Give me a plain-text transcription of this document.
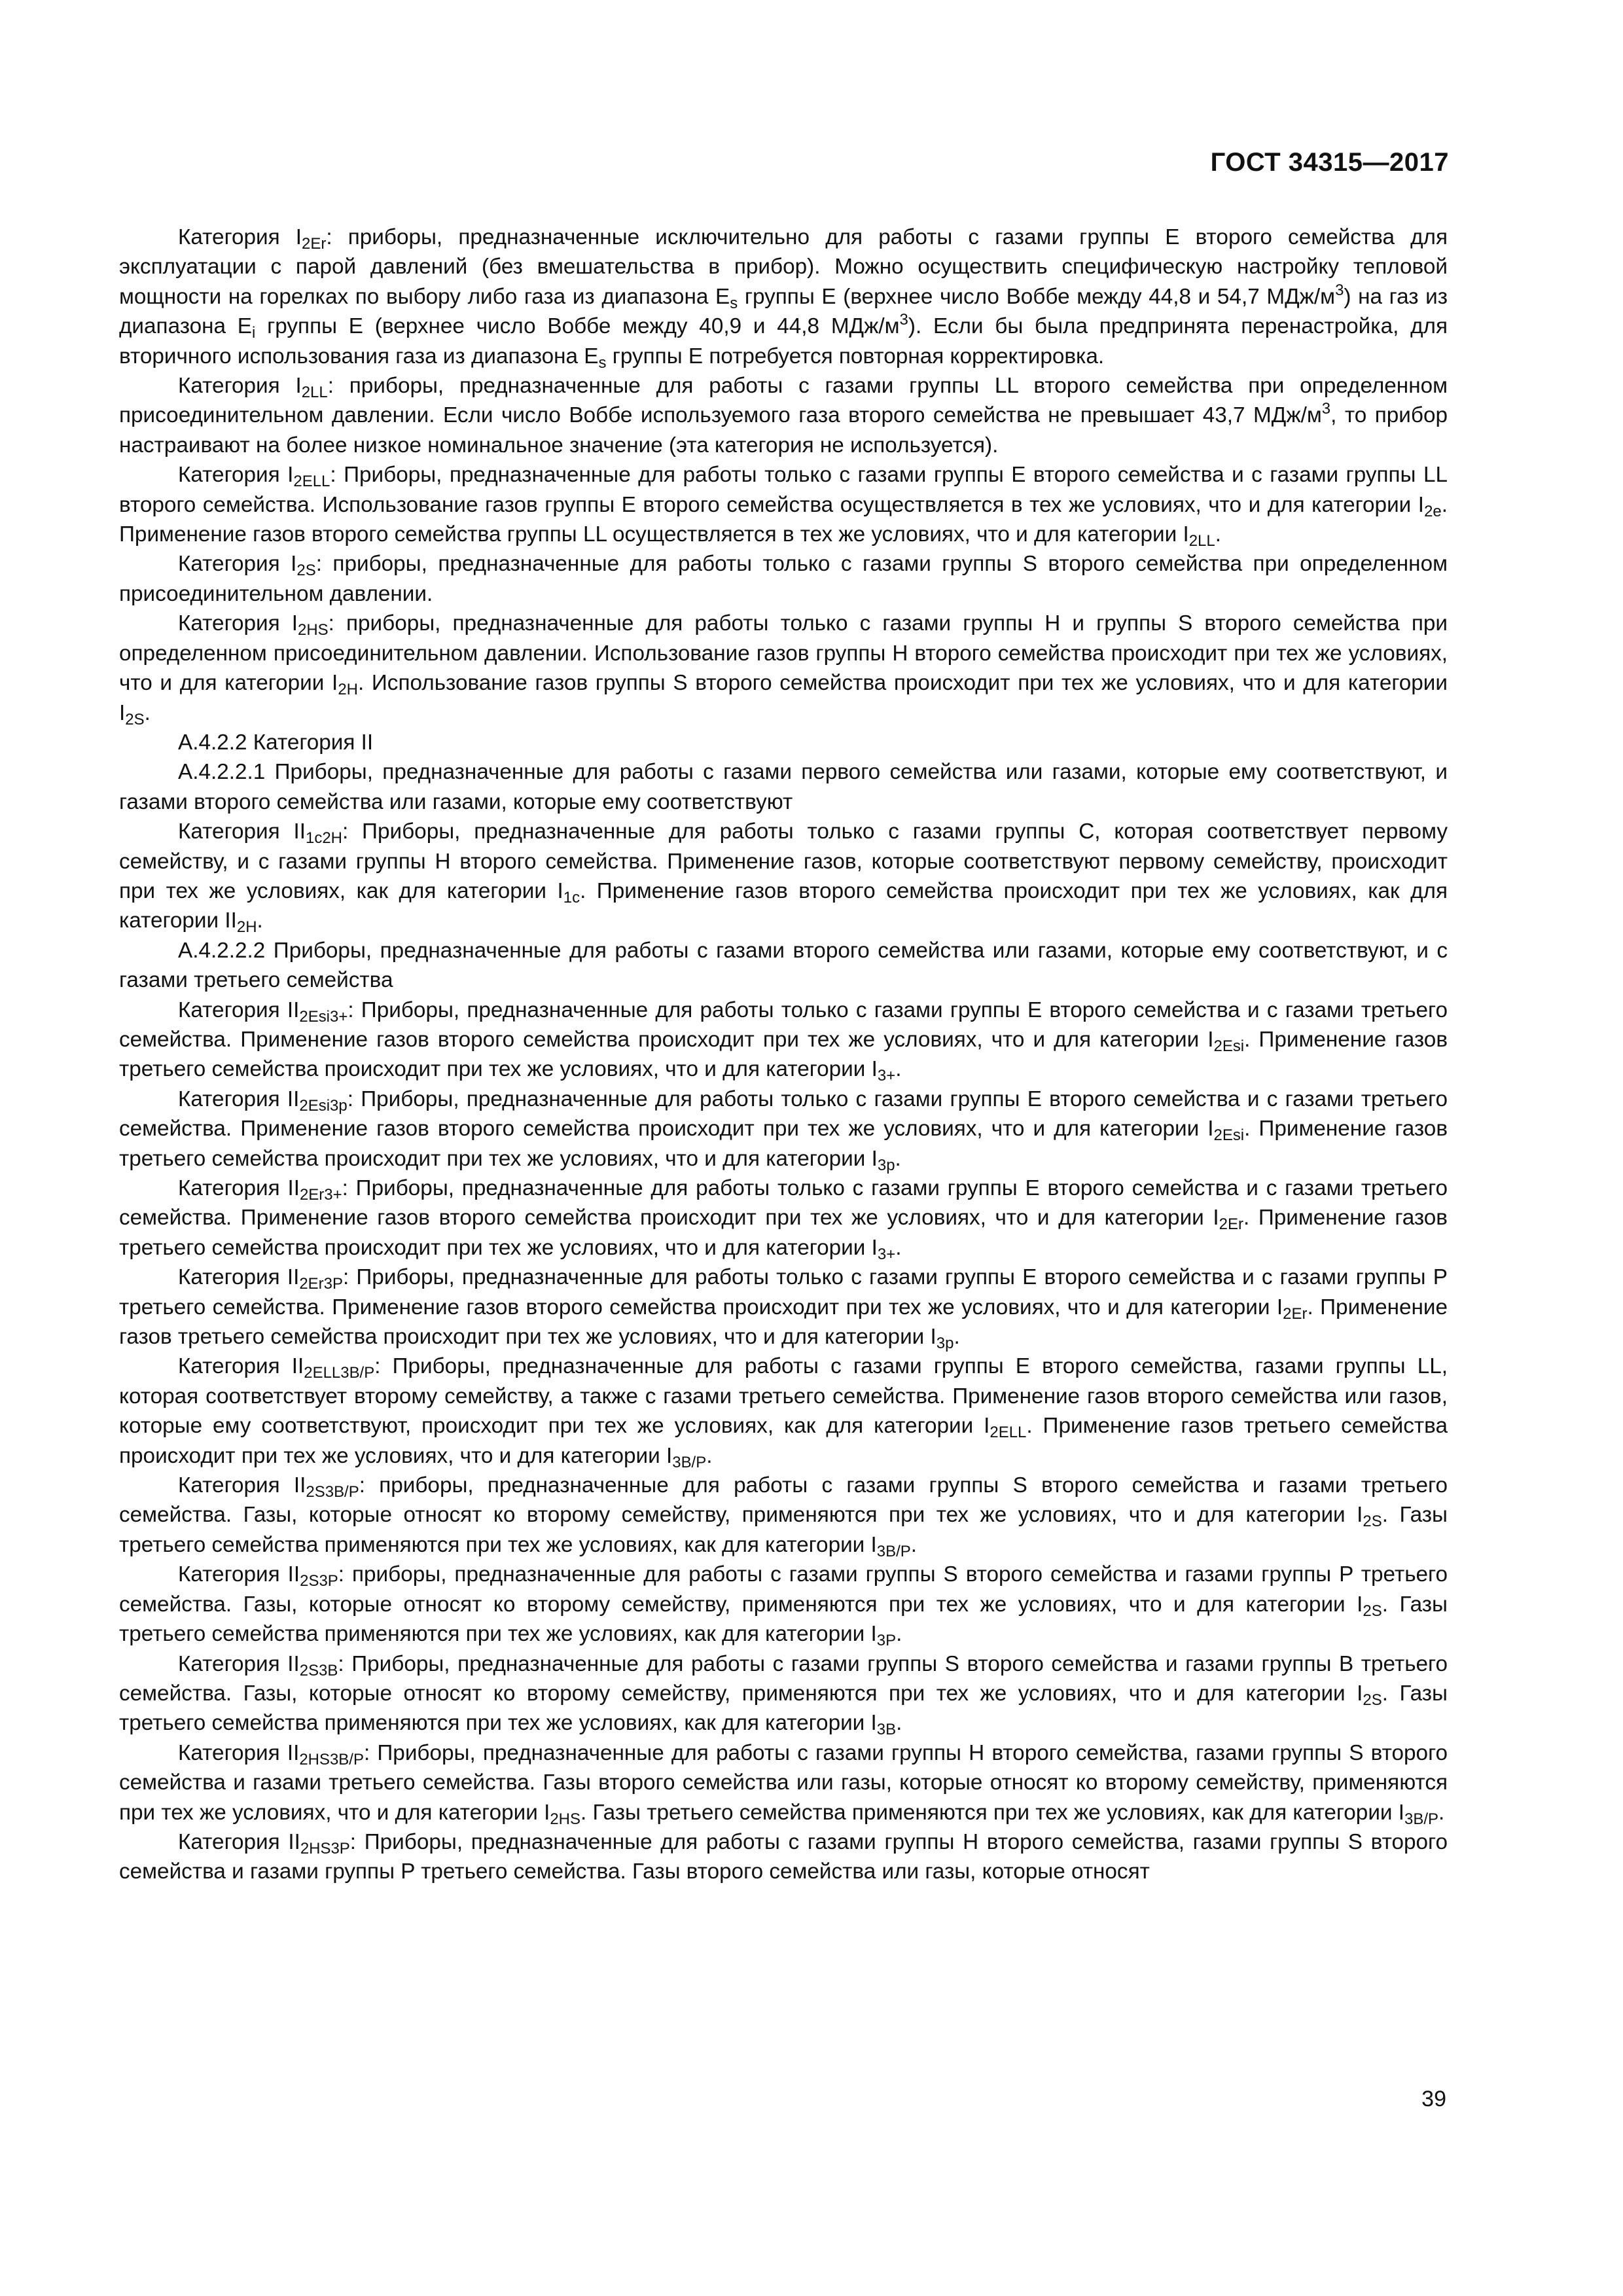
ГОСТ 34315—2017

Категория $I_{2Er}$: приборы, предназначенные исключительно для работы с газами группы E второго семейства для эксплуатации с парой давлений (без вмешательства в прибор). Можно осуществить специфическую настройку тепловой мощности на горелках по выбору либо газа из диапазона $E_s$ группы E (верхнее число Воббе между 44,8 и 54,7 МДж/$м^3$) на газ из диапазона $E_i$ группы E (верхнее число Воббе между 40,9 и 44,8 МДж/$м^3$). Если бы была предпринята перенастройка, для вторичного использования газа из диапазона $E_s$ группы E потребуется повторная корректировка.

Категория $I_{2LL}$: приборы, предназначенные для работы с газами группы LL второго семейства при определенном присоединительном давлении. Если число Воббе используемого газа второго семейства не превышает 43,7 МДж/$м^3$, то прибор настраивают на более низкое номинальное значение (эта категория не используется).

Категория $I_{2ELL}$: Приборы, предназначенные для работы только с газами группы E второго семейства и с газами группы LL второго семейства. Использование газов группы E второго семейства осуществляется в тех же условиях, что и для категории $I_{2e}$. Применение газов второго семейства группы LL осуществляется в тех же условиях, что и для категории $I_{2LL}$.

Категория $I_{2S}$: приборы, предназначенные для работы только с газами группы S второго семейства при определенном присоединительном давлении.

Категория $I_{2HS}$: приборы, предназначенные для работы только с газами группы H и группы S второго семейства при определенном присоединительном давлении. Использование газов группы H второго семейства происходит при тех же условиях, что и для категории $I_{2H}$. Использование газов группы S второго семейства происходит при тех же условиях, что и для категории $I_{2S}$.

А.4.2.2 Категория II

А.4.2.2.1 Приборы, предназначенные для работы с газами первого семейства или газами, которые ему соответствуют, и газами второго семейства или газами, которые ему соответствуют

Категория $II_{1c2H}$: Приборы, предназначенные для работы только с газами группы C, которая соответствует первому семейству, и с газами группы H второго семейства. Применение газов, которые соответствуют первому семейству, происходит при тех же условиях, как для категории $I_{1c}$. Применение газов второго семейства происходит при тех же условиях, как для категории $II_{2H}$.

А.4.2.2.2 Приборы, предназначенные для работы с газами второго семейства или газами, которые ему соответствуют, и с газами третьего семейства

Категория $II_{2Esi3+}$: Приборы, предназначенные для работы только с газами группы E второго семейства и с газами третьего семейства. Применение газов второго семейства происходит при тех же условиях, что и для категории $I_{2Esi}$. Применение газов третьего семейства происходит при тех же условиях, что и для категории $I_{3+}$.

Категория $II_{2Esi3p}$: Приборы, предназначенные для работы только с газами группы E второго семейства и с газами третьего семейства. Применение газов второго семейства происходит при тех же условиях, что и для категории $I_{2Esi}$. Применение газов третьего семейства происходит при тех же условиях, что и для категории $I_{3p}$.

Категория $II_{2Er3+}$: Приборы, предназначенные для работы только с газами группы E второго семейства и с газами третьего семейства. Применение газов второго семейства происходит при тех же условиях, что и для категории $I_{2Er}$. Применение газов третьего семейства происходит при тех же условиях, что и для категории $I_{3+}$.

Категория $II_{2Er3P}$: Приборы, предназначенные для работы только с газами группы E второго семейства и с газами группы P третьего семейства. Применение газов второго семейства происходит при тех же условиях, что и для категории $I_{2Er}$. Применение газов третьего семейства происходит при тех же условиях, что и для категории $I_{3p}$.

Категория $II_{2ELL3B/P}$: Приборы, предназначенные для работы с газами группы E второго семейства, газами группы LL, которая соответствует второму семейству, а также с газами третьего семейства. Применение газов второго семейства или газов, которые ему соответствуют, происходит при тех же условиях, как для категории $I_{2ELL}$. Применение газов третьего семейства происходит при тех же условиях, что и для категории $I_{3B/P}$.

Категория $II_{2S3B/P}$: приборы, предназначенные для работы с газами группы S второго семейства и газами третьего семейства. Газы, которые относят ко второму семейству, применяются при тех же условиях, что и для категории $I_{2S}$. Газы третьего семейства применяются при тех же условиях, как для категории $I_{3B/P}$.

Категория $II_{2S3P}$: приборы, предназначенные для работы с газами группы S второго семейства и газами группы P третьего семейства. Газы, которые относят ко второму семейству, применяются при тех же условиях, что и для категории $I_{2S}$. Газы третьего семейства применяются при тех же условиях, как для категории $I_{3P}$.

Категория $II_{2S3B}$: Приборы, предназначенные для работы с газами группы S второго семейства и газами группы B третьего семейства. Газы, которые относят ко второму семейству, применяются при тех же условиях, что и для категории $I_{2S}$. Газы третьего семейства применяются при тех же условиях, как для категории $I_{3B}$.

Категория $II_{2HS3B/P}$: Приборы, предназначенные для работы с газами группы H второго семейства, газами группы S второго семейства и газами третьего семейства. Газы второго семейства или газы, которые относят ко второму семейству, применяются при тех же условиях, что и для категории $I_{2HS}$. Газы третьего семейства применяются при тех же условиях, как для категории $I_{3B/P}$.

Категория $II_{2HS3P}$: Приборы, предназначенные для работы с газами группы H второго семейства, газами группы S второго семейства и газами группы P третьего семейства. Газы второго семейства или газы, которые относят

39
